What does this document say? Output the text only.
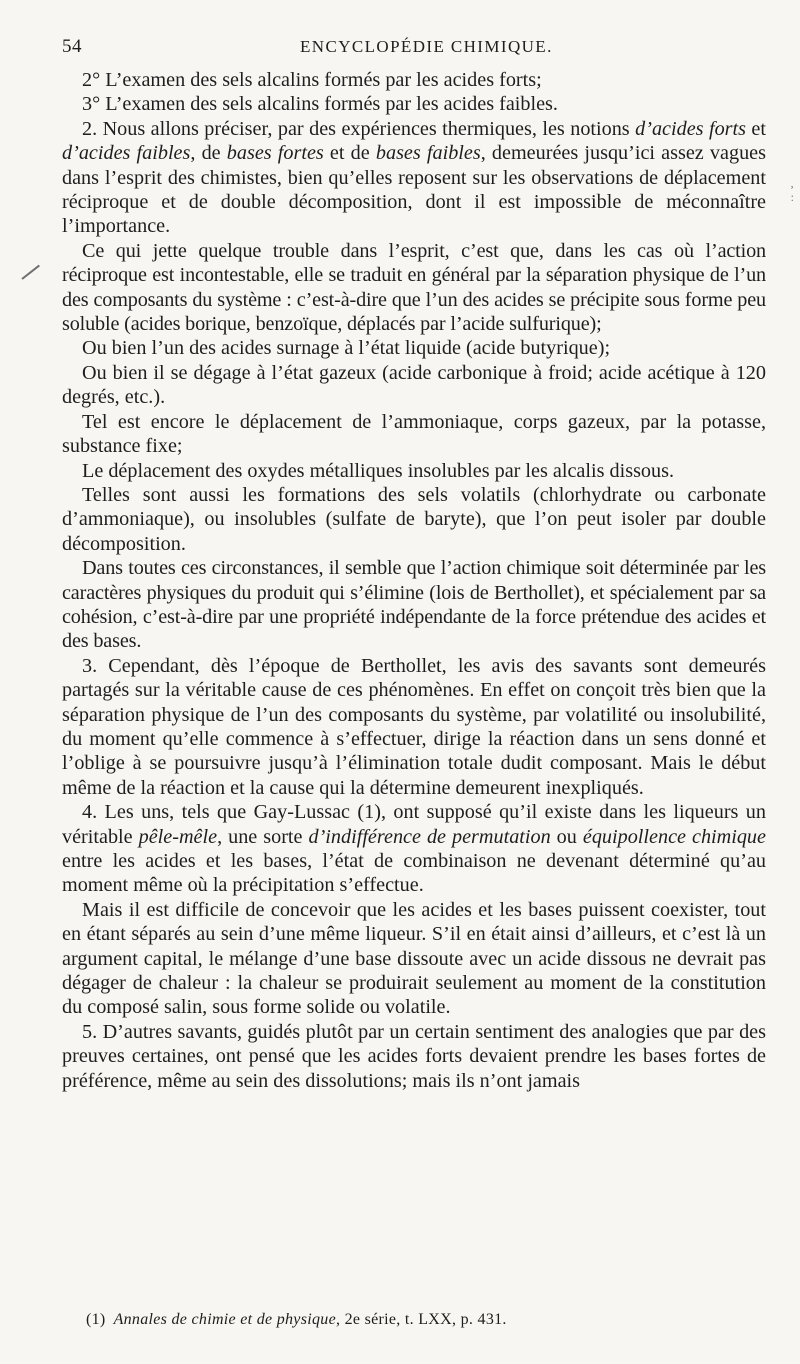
54	ENCYCLOPÉDIE CHIMIQUE.

2° L’examen des sels alcalins formés par les acides forts;

3° L’examen des sels alcalins formés par les acides faibles.

2. Nous allons préciser, par des expériences thermiques, les notions d’acides forts et d’acides faibles, de bases fortes et de bases faibles, demeurées jusqu’ici assez vagues dans l’esprit des chimistes, bien qu’elles reposent sur les observations de déplacement réciproque et de double décomposition, dont il est impossible de méconnaître l’importance.

Ce qui jette quelque trouble dans l’esprit, c’est que, dans les cas où l’action réciproque est incontestable, elle se traduit en général par la séparation physique de l’un des composants du système : c’est-à-dire que l’un des acides se précipite sous forme peu soluble (acides borique, benzoïque, déplacés par l’acide sulfurique);

Ou bien l’un des acides surnage à l’état liquide (acide butyrique);

Ou bien il se dégage à l’état gazeux (acide carbonique à froid; acide acétique à 120 degrés, etc.).

Tel est encore le déplacement de l’ammoniaque, corps gazeux, par la potasse, substance fixe;

Le déplacement des oxydes métalliques insolubles par les alcalis dissous.

Telles sont aussi les formations des sels volatils (chlorhydrate ou carbonate d’ammoniaque), ou insolubles (sulfate de baryte), que l’on peut isoler par double décomposition.

Dans toutes ces circonstances, il semble que l’action chimique soit déterminée par les caractères physiques du produit qui s’élimine (lois de Berthollet), et spécialement par sa cohésion, c’est-à-dire par une propriété indépendante de la force prétendue des acides et des bases.

3. Cependant, dès l’époque de Berthollet, les avis des savants sont demeurés partagés sur la véritable cause de ces phénomènes. En effet on conçoit très bien que la séparation physique de l’un des composants du système, par volatilité ou insolubilité, du moment qu’elle commence à s’effectuer, dirige la réaction dans un sens donné et l’oblige à se poursuivre jusqu’à l’élimination totale dudit composant. Mais le début même de la réaction et la cause qui la détermine demeurent inexpliqués.

4. Les uns, tels que Gay-Lussac (1), ont supposé qu’il existe dans les liqueurs un véritable pêle-mêle, une sorte d’indifférence de permutation ou équipollence chimique entre les acides et les bases, l’état de combinaison ne devenant déterminé qu’au moment même où la précipitation s’effectue.

Mais il est difficile de concevoir que les acides et les bases puissent coexister, tout en étant séparés au sein d’une même liqueur. S’il en était ainsi d’ailleurs, et c’est là un argument capital, le mélange d’une base dissoute avec un acide dissous ne devrait pas dégager de chaleur : la chaleur se produirait seulement au moment de la constitution du composé salin, sous forme solide ou volatile.

5. D’autres savants, guidés plutôt par un certain sentiment des analogies que par des preuves certaines, ont pensé que les acides forts devaient prendre les bases fortes de préférence, même au sein des dissolutions; mais ils n’ont jamais

(1) Annales de chimie et de physique, 2e série, t. LXX, p. 431.
,
:
